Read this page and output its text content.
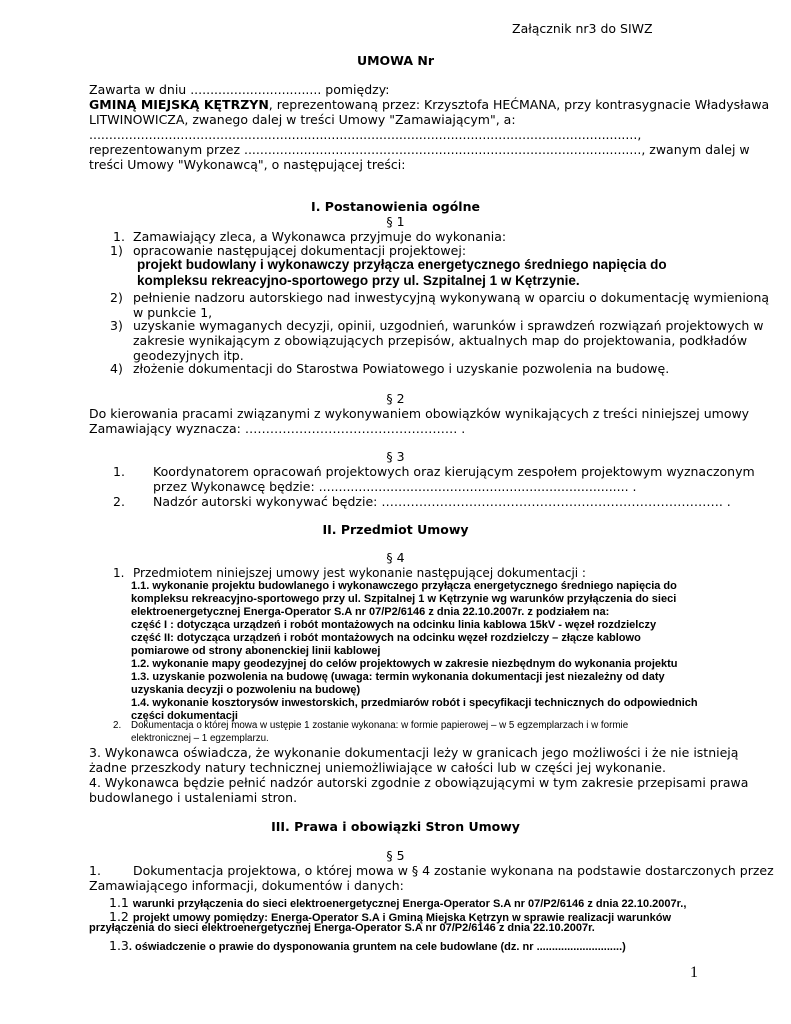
Załącznik nr3 do SIWZ
UMOWA Nr
Zawarta w dniu ................................. pomiędzy:
GMINĄ MIEJSKĄ KĘTRZYN, reprezentowaną przez: Krzysztofa HEĆMANA, przy kontrasygnacie Władysława
LITWINOWICZA, zwanego dalej w treści Umowy "Zamawiającym", a:
..........................................................................................................................................,
reprezentowanym przez ...................................................................................................., zwanym dalej w
treści Umowy "Wykonawcą", o następującej treści:
I. Postanowienia ogólne
§ 1
1. Zamawiający zleca, a Wykonawca przyjmuje do wykonania:
1) opracowanie następującej dokumentacji projektowej:
projekt budowlany i wykonawczy przyłącza energetycznego średniego napięcia do
kompleksu rekreacyjno-sportowego przy ul. Szpitalnej 1 w Kętrzynie.
2) pełnienie nadzoru autorskiego nad inwestycyjną wykonywaną w oparciu o dokumentację wymienioną
w punkcie 1,
3) uzyskanie wymaganych decyzji, opinii, uzgodnień, warunków i sprawdzeń rozwiązań projektowych w
zakresie wynikającym z obowiązujących przepisów, aktualnych map do projektowania, podkładów
geodezyjnych itp.
4) złożenie dokumentacji do Starostwa Powiatowego i uzyskanie pozwolenia na budowę.
§ 2
Do kierowania pracami związanymi z wykonywaniem obowiązków wynikających z treści niniejszej umowy
Zamawiający wyznacza: …………………………………………… .
§ 3
1. Koordynatorem opracowań projektowych oraz kierującym zespołem projektowym wyznaczonym
przez Wykonawcę będzie: .............................................................................. .
2. Nadzór autorski wykonywać będzie: ………………………………………………………………………. .
II. Przedmiot Umowy
§ 4
1. Przedmiotem niniejszej umowy jest wykonanie następującej dokumentacji :
1.1. wykonanie projektu budowlanego i wykonawczego przyłącza energetycznego średniego napięcia do
kompleksu rekreacyjno-sportowego przy ul. Szpitalnej 1 w Kętrzynie wg warunków przyłączenia do sieci
elektroenergetycznej Energa-Operator S.A nr 07/P2/6146 z dnia 22.10.2007r. z podziałem na:
część I : dotycząca urządzeń i robót montażowych na odcinku linia kablowa 15kV - węzeł rozdzielczy
część II: dotycząca urządzeń i robót montażowych na odcinku węzeł rozdzielczy – złącze kablowo
pomiarowe od strony abonenckiej linii kablowej
1.2. wykonanie mapy geodezyjnej do celów projektowych w zakresie niezbędnym do wykonania projektu
1.3. uzyskanie pozwolenia na budowę (uwaga: termin wykonania dokumentacji jest niezależny od daty
uzyskania decyzji o pozwoleniu na budowę)
1.4. wykonanie kosztorysów inwestorskich, przedmiarów robót i specyfikacji technicznych do odpowiednich
części dokumentacji
2. Dokumentacja o której mowa w ustępie 1 zostanie wykonana: w formie papierowej – w 5 egzemplarzach i w formie
elektronicznej – 1 egzemplarzu.
3. Wykonawca oświadcza, że wykonanie dokumentacji leży w granicach jego możliwości i że nie istnieją
żadne przeszkody natury technicznej uniemożliwiające w całości lub w części jej wykonanie.
4. Wykonawca będzie pełnić nadzór autorski zgodnie z obowiązującymi w tym zakresie przepisami prawa
budowlanego i ustaleniami stron.
III. Prawa i obowiązki Stron Umowy
§ 5
1.	Dokumentacja projektowa, o której mowa w § 4 zostanie wykonana na podstawie dostarczonych przez
Zamawiającego informacji, dokumentów i danych:
1.1 warunki przyłączenia do sieci elektroenergetycznej Energa-Operator S.A nr 07/P2/6146 z dnia 22.10.2007r.,
1.2 projekt umowy pomiędzy: Energa-Operator S.A i Gminą Miejska Kętrzyn w sprawie realizacji warunków
przyłączenia do sieci elektroenergetycznej Energa-Operator S.A nr 07/P2/6146 z dnia 22.10.2007r.
1.3. oświadczenie o prawie do dysponowania gruntem na cele budowlane (dz. nr ............................)
1
